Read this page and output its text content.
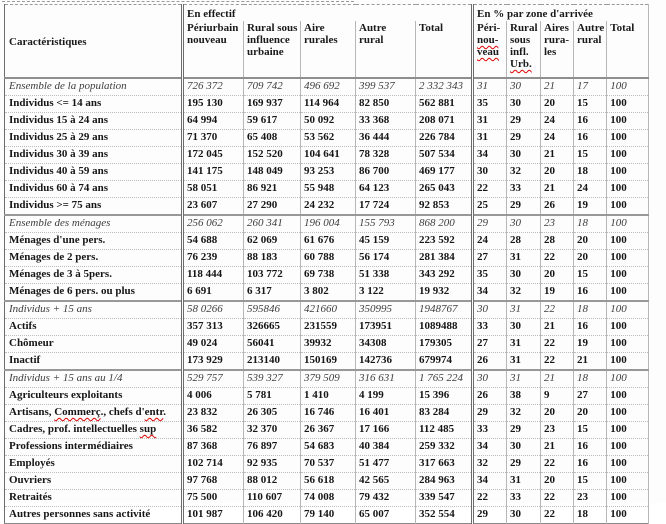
Caractéristiques	En effectif					En % par zone d'arrivée				
	Périurbain nouveau	Rural sous influence urbaine	Aire rurales	Autre rural	Total	Péri-nou-veau	Rural sous infl. Urb.	Aires rura-les	Autre rural	Total
Ensemble de la population	726 372	709 742	496 692	399 537	2 332 343	31	30	21	17	100
Individus <= 14 ans	195 130	169 937	114 964	82 850	562 881	35	30	20	15	100
Individus 15 à 24 ans	64 994	59 617	50 092	33 368	208 071	31	29	24	16	100
Individus 25 à 29 ans	71 370	65 408	53 562	36 444	226 784	31	29	24	16	100
Individus 30 à 39 ans	172 045	152 520	104 641	78 328	507 534	34	30	21	15	100
Individus 40 à 59 ans	141 175	148 049	93 253	86 700	469 177	30	32	20	18	100
Individus 60 à 74 ans	58 051	86 921	55 948	64 123	265 043	22	33	21	24	100
Individus >= 75 ans	23 607	27 290	24 232	17 724	92 853	25	29	26	19	100
Ensemble des ménages	256 062	260 341	196 004	155 793	868 200	29	30	23	18	100
Ménages d'une pers.	54 688	62 069	61 676	45 159	223 592	24	28	28	20	100
Ménages de 2 pers.	76 239	88 183	60 788	56 174	281 384	27	31	22	20	100
Ménages de 3 à 5pers.	118 444	103 772	69 738	51 338	343 292	35	30	20	15	100
Ménages de 6 pers. ou plus	6 691	6 317	3 802	3 122	19 932	34	32	19	16	100
Individus + 15 ans	58 0266	595846	421660	350995	1948767	30	31	22	18	100
Actifs	357 313	326665	231559	173951	1089488	33	30	21	16	100
Chômeur	49 024	56041	39932	34308	179305	27	31	22	19	100
Inactif	173 929	213140	150169	142736	679974	26	31	22	21	100
Individus + 15 ans au 1/4	529 757	539 327	379 509	316 631	1 765 224	30	31	21	18	100
Agriculteurs exploitants	4 006	5 781	1 410	4 199	15 396	26	38	9	27	100
Artisans, Commerç., chefs d'entr.	23 832	26 305	16 746	16 401	83 284	29	32	20	20	100
Cadres, prof. intellectuelles sup	36 582	32 370	26 367	17 166	112 485	33	29	23	15	100
Professions intermédiaires	87 368	76 897	54 683	40 384	259 332	34	30	21	16	100
Employés	102 714	92 935	70 537	51 477	317 663	32	29	22	16	100
Ouvriers	97 768	88 012	56 618	42 565	284 963	34	31	20	15	100
Retraités	75 500	110 607	74 008	79 432	339 547	22	33	22	23	100
Autres personnes sans activité	101 987	106 420	79 140	65 007	352 554	29	30	22	18	100
